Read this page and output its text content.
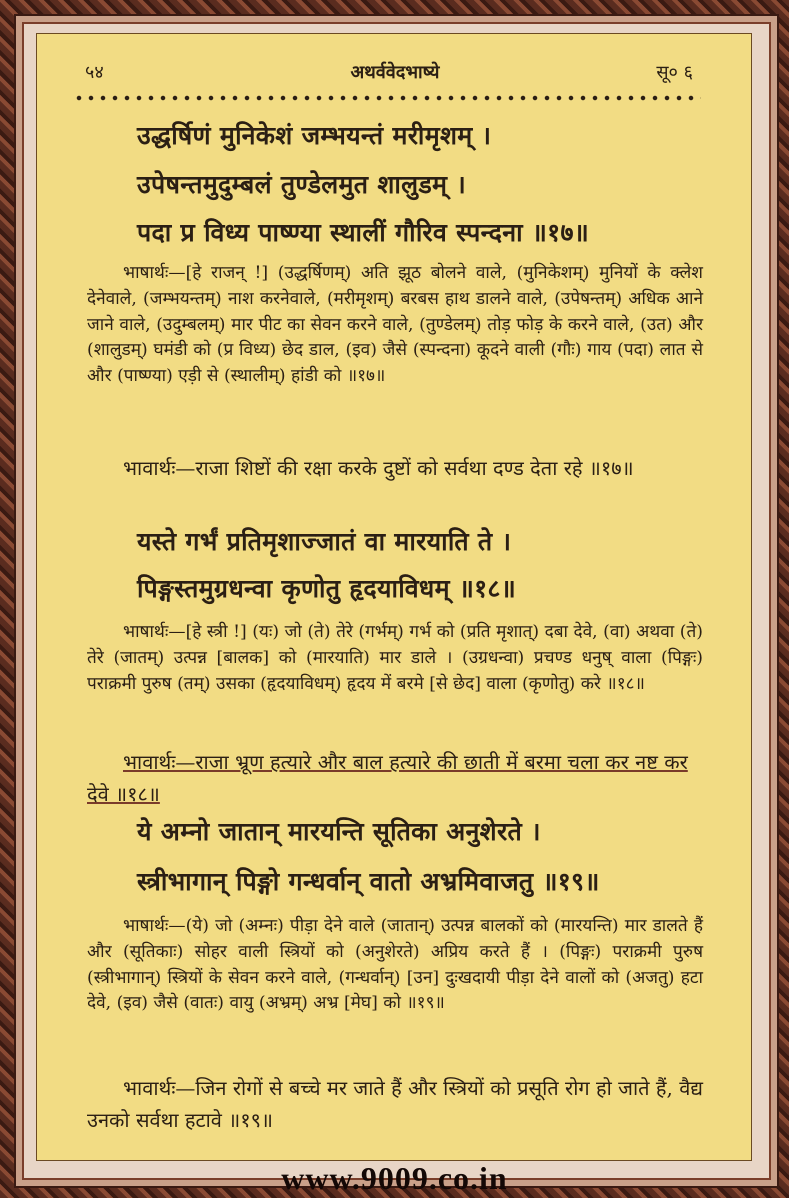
५४	अथर्ववेदभाष्ये	सू० ६
उद्धर्षिणं मुनिकेशं जम्भयन्तं मरीमृशम् ।
उपेषन्तमुदुम्बलं तुण्डेलमुत शालुडम् ।
पदा प्र विध्य पाष्ण्या स्थालीं गौरिव स्पन्दना ॥१७॥
भाषार्थः—[हे राजन् !] (उद्धर्षिणम्) अति झूठ बोलने वाले, (मुनिकेशम्) मुनियों के क्लेश देनेवाले, (जम्भयन्तम्) नाश करनेवाले, (मरीमृशम्) बरबस हाथ डालने वाले, (उपेषन्तम्) अधिक आने जाने वाले, (उदुम्बलम्) मार पीट का सेवन करने वाले, (तुण्डेलम्) तोड़ फोड़ के करने वाले, (उत) और (शालुडम्) घमंडी को (प्र विध्य) छेद डाल, (इव) जैसे (स्पन्दना) कूदने वाली (गौः) गाय (पदा) लात से और (पाष्ण्या) एड़ी से (स्थालीम्) हांडी को ॥१७॥
भावार्थः—राजा शिष्टों की रक्षा करके दुष्टों को सर्वथा दण्ड देता रहे ॥१७॥
यस्ते गर्भं प्रतिमृशाज्जातं वा मारयाति ते ।
पिङ्गस्तमुग्रधन्वा कृणोतु हृदयाविधम् ॥१८॥
भाषार्थः—[हे स्त्री !] (यः) जो (ते) तेरे (गर्भम्) गर्भ को (प्रति मृशात्) दबा देवे, (वा) अथवा (ते) तेरे (जातम्) उत्पन्न [बालक] को (मारयाति) मार डाले । (उग्रधन्वा) प्रचण्ड धनुष् वाला (पिङ्गः) पराक्रमी पुरुष (तम्) उसका (हृदयाविधम्) हृदय में बरमे [से छेद] वाला (कृणोतु) करे ॥१८॥
भावार्थः—राजा भ्रूण हत्यारे और बाल हत्यारे की छाती में बरमा चला कर नष्ट कर देवे ॥१८॥
ये अम्नो जातान् मारयन्ति सूतिका अनुशेरते ।
स्त्रीभागान् पिङ्गो गन्धर्वान् वातो अभ्रमिवाजतु ॥१९॥
भाषार्थः—(ये) जो (अम्नः) पीड़ा देने वाले (जातान्) उत्पन्न बालकों को (मारयन्ति) मार डालते हैं और (सूतिकाः) सोहर वाली स्त्रियों को (अनुशेरते) अप्रिय करते हैं । (पिङ्गः) पराक्रमी पुरुष (स्त्रीभागान्) स्त्रियों के सेवन करने वाले, (गन्धर्वान्) [उन] दुःखदायी पीड़ा देने वालों को (अजतु) हटा देवे, (इव) जैसे (वातः) वायु (अभ्रम्) अभ्र [मेघ] को ॥१९॥
भावार्थः—जिन रोगों से बच्चे मर जाते हैं और स्त्रियों को प्रसूति रोग हो जाते हैं, वैद्य उनको सर्वथा हटावे ॥१९॥
www.9009.co.in
